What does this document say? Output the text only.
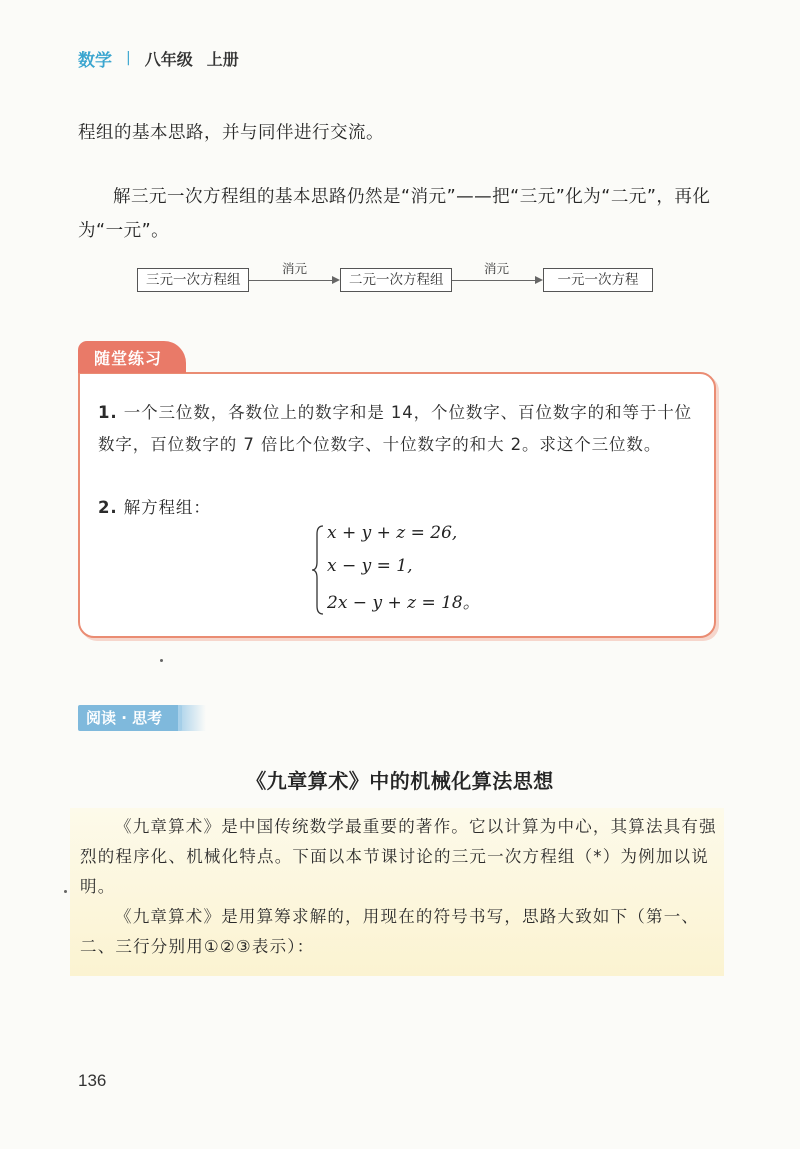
数学 | 八年级 上册
程组的基本思路，并与同伴进行交流。
解三元一次方程组的基本思路仍然是“消元”——把“三元”化为“二元”，再化为“一元”。
三元一次方程组
消元
二元一次方程组
消元
一元一次方程
随堂练习
1. 一个三位数，各数位上的数字和是 14，个位数字、百位数字的和等于十位数字，百位数字的 7 倍比个位数字、十位数字的和大 2。求这个三位数。
2. 解方程组：
x + y + z = 26,
x − y = 1,
2x − y + z = 18。
阅读 · 思考
《九章算术》中的机械化算法思想
《九章算术》是中国传统数学最重要的著作。它以计算为中心，其算法具有强烈的程序化、机械化特点。下面以本节课讨论的三元一次方程组（*）为例加以说明。
《九章算术》是用算筹求解的，用现在的符号书写，思路大致如下（第一、二、三行分别用①②③表示）：
136
